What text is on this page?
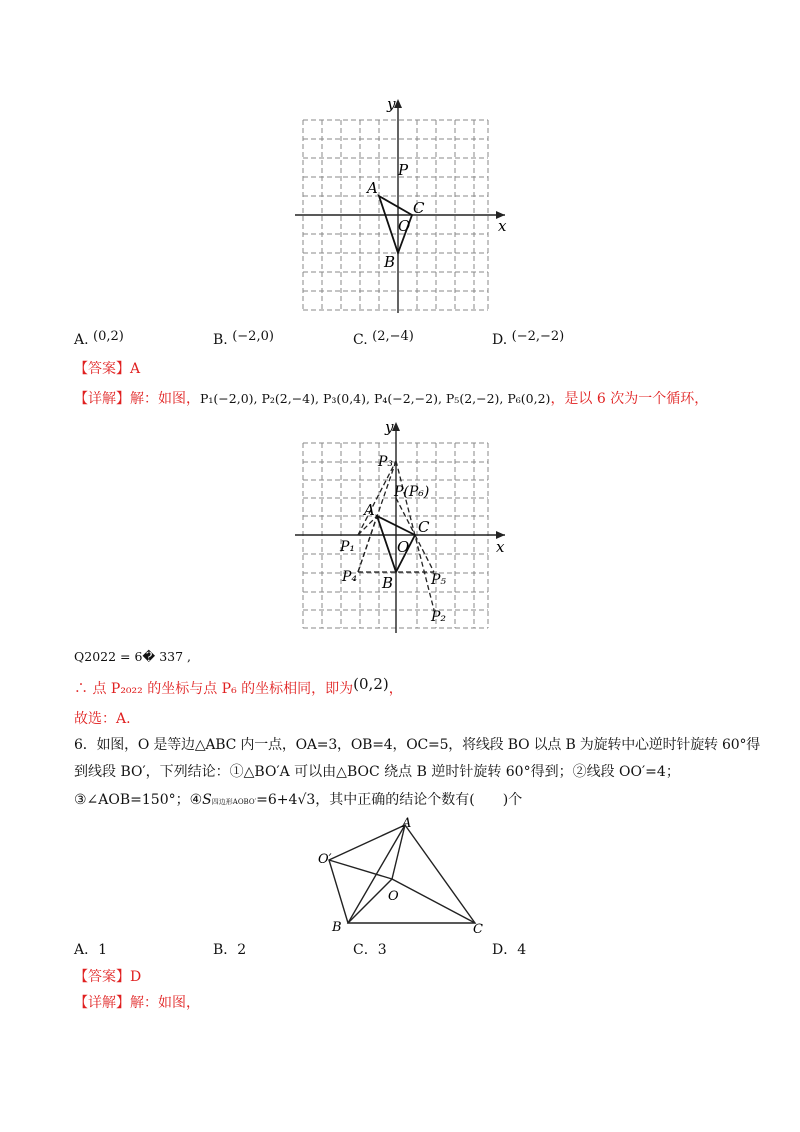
y
x
P
A
C
O
B
A. (0,2)	B. (−2,0)	C. (2,−4)	D. (−2,−2)
【答案】A
【详解】解：如图，P₁(−2,0), P₂(2,−4), P₃(0,4), P₄(−2,−2), P₅(2,−2), P₆(0,2)，是以 6 次为一个循环，
y
x
P₃
P(P₆)
A
C
O
B
P₁
P₄	P₅
P₂
Q2022 = 6� 337 ,
∴ 点 P₂₀₂₂ 的坐标与点 P₆ 的坐标相同，即为(0,2)，
故选：A.
6．如图，O 是等边△ABC 内一点，OA=3，OB=4，OC=5，将线段 BO 以点 B 为旋转中心逆时针旋转 60°得
到线段 BO′，下列结论：①△BO′A 可以由△BOC 绕点 B 逆时针旋转 60°得到；②线段 OO′=4；
③∠AOB=150°；④S四边形AOBO′=6+4√3，其中正确的结论个数有(　　)个
A
O′
O
B	C
A．1	B．2	C．3	D．4
【答案】D
【详解】解：如图，
